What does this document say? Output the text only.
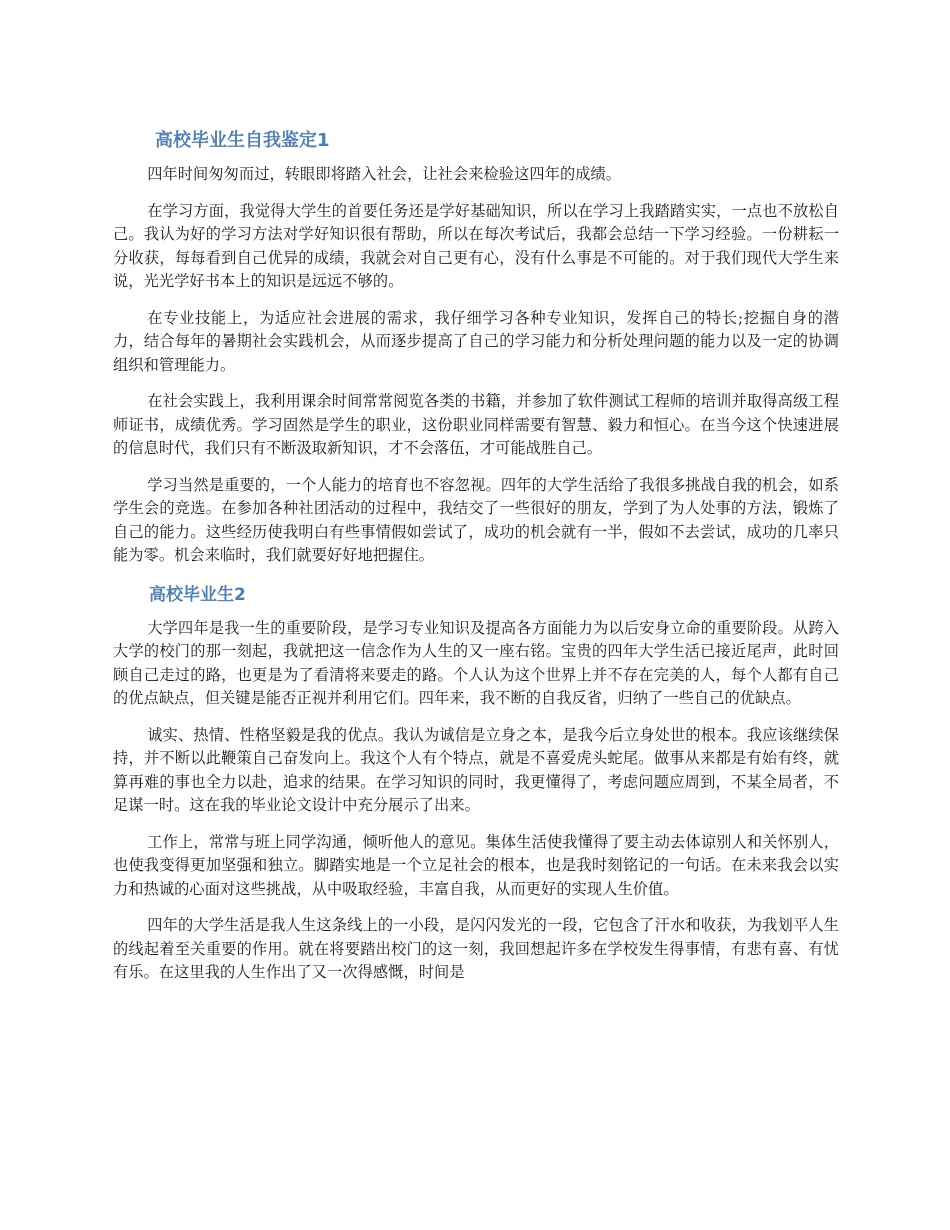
高校毕业生自我鉴定1

四年时间匆匆而过，转眼即将踏入社会，让社会来检验这四年的成绩。

在学习方面，我觉得大学生的首要任务还是学好基础知识，所以在学习上我踏踏实实，一点也不放松自己。我认为好的学习方法对学好知识很有帮助，所以在每次考试后，我都会总结一下学习经验。一份耕耘一分收获，每每看到自己优异的成绩，我就会对自己更有心，没有什么事是不可能的。对于我们现代大学生来说，光光学好书本上的知识是远远不够的。

在专业技能上，为适应社会进展的需求，我仔细学习各种专业知识，发挥自己的特长;挖掘自身的潜力，结合每年的暑期社会实践机会，从而逐步提高了自己的学习能力和分析处理问题的能力以及一定的协调组织和管理能力。

在社会实践上，我利用课余时间常常阅览各类的书籍，并参加了软件测试工程师的培训并取得高级工程师证书，成绩优秀。学习固然是学生的职业，这份职业同样需要有智慧、毅力和恒心。在当今这个快速进展的信息时代，我们只有不断汲取新知识，才不会落伍，才可能战胜自己。

学习当然是重要的，一个人能力的培育也不容忽视。四年的大学生活给了我很多挑战自我的机会，如系学生会的竞选。在参加各种社团活动的过程中，我结交了一些很好的朋友，学到了为人处事的方法，锻炼了自己的能力。这些经历使我明白有些事情假如尝试了，成功的机会就有一半，假如不去尝试，成功的几率只能为零。机会来临时，我们就要好好地把握住。

高校毕业生2

大学四年是我一生的重要阶段，是学习专业知识及提高各方面能力为以后安身立命的重要阶段。从跨入大学的校门的那一刻起，我就把这一信念作为人生的又一座右铭。宝贵的四年大学生活已接近尾声，此时回顾自己走过的路，也更是为了看清将来要走的路。个人认为这个世界上并不存在完美的人，每个人都有自己的优点缺点，但关键是能否正视并利用它们。四年来，我不断的自我反省，归纳了一些自己的优缺点。

诚实、热情、性格坚毅是我的优点。我认为诚信是立身之本，是我今后立身处世的根本。我应该继续保持，并不断以此鞭策自己奋发向上。我这个人有个特点，就是不喜爱虎头蛇尾。做事从来都是有始有终，就算再难的事也全力以赴，追求的结果。在学习知识的同时，我更懂得了，考虑问题应周到，不某全局者，不足谋一时。这在我的毕业论文设计中充分展示了出来。

工作上，常常与班上同学沟通，倾听他人的意见。集体生活使我懂得了要主动去体谅别人和关怀别人，也使我变得更加坚强和独立。脚踏实地是一个立足社会的根本，也是我时刻铭记的一句话。在未来我会以实力和热诚的心面对这些挑战，从中吸取经验，丰富自我，从而更好的实现人生价值。

四年的大学生活是我人生这条线上的一小段，是闪闪发光的一段，它包含了汗水和收获，为我划平人生的线起着至关重要的作用。就在将要踏出校门的这一刻，我回想起许多在学校发生得事情，有悲有喜、有忧有乐。在这里我的人生作出了又一次得感慨，时间是
